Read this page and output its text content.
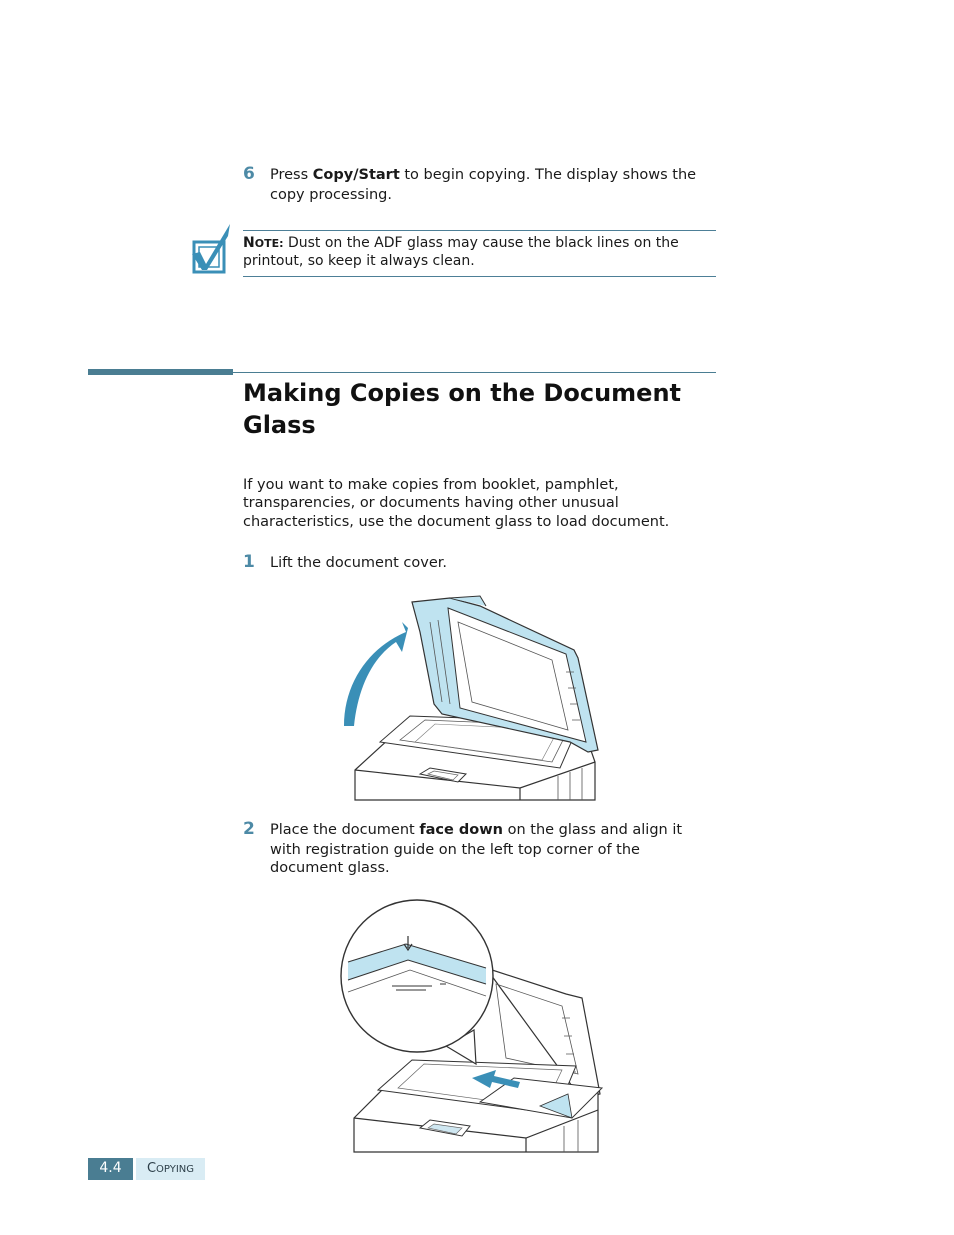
6 Press Copy/Start to begin copying. The display shows the
copy processing.
NOTE: Dust on the ADF glass may cause the black lines on the
printout, so keep it always clean.
Making Copies on the Document
Glass
If you want to make copies from booklet, pamphlet,
transparencies, or documents having other unusual
characteristics, use the document glass to load document.
1 Lift the document cover.
2 Place the document face down on the glass and align it
with registration guide on the left top corner of the
document glass.
4.4	COPYING
